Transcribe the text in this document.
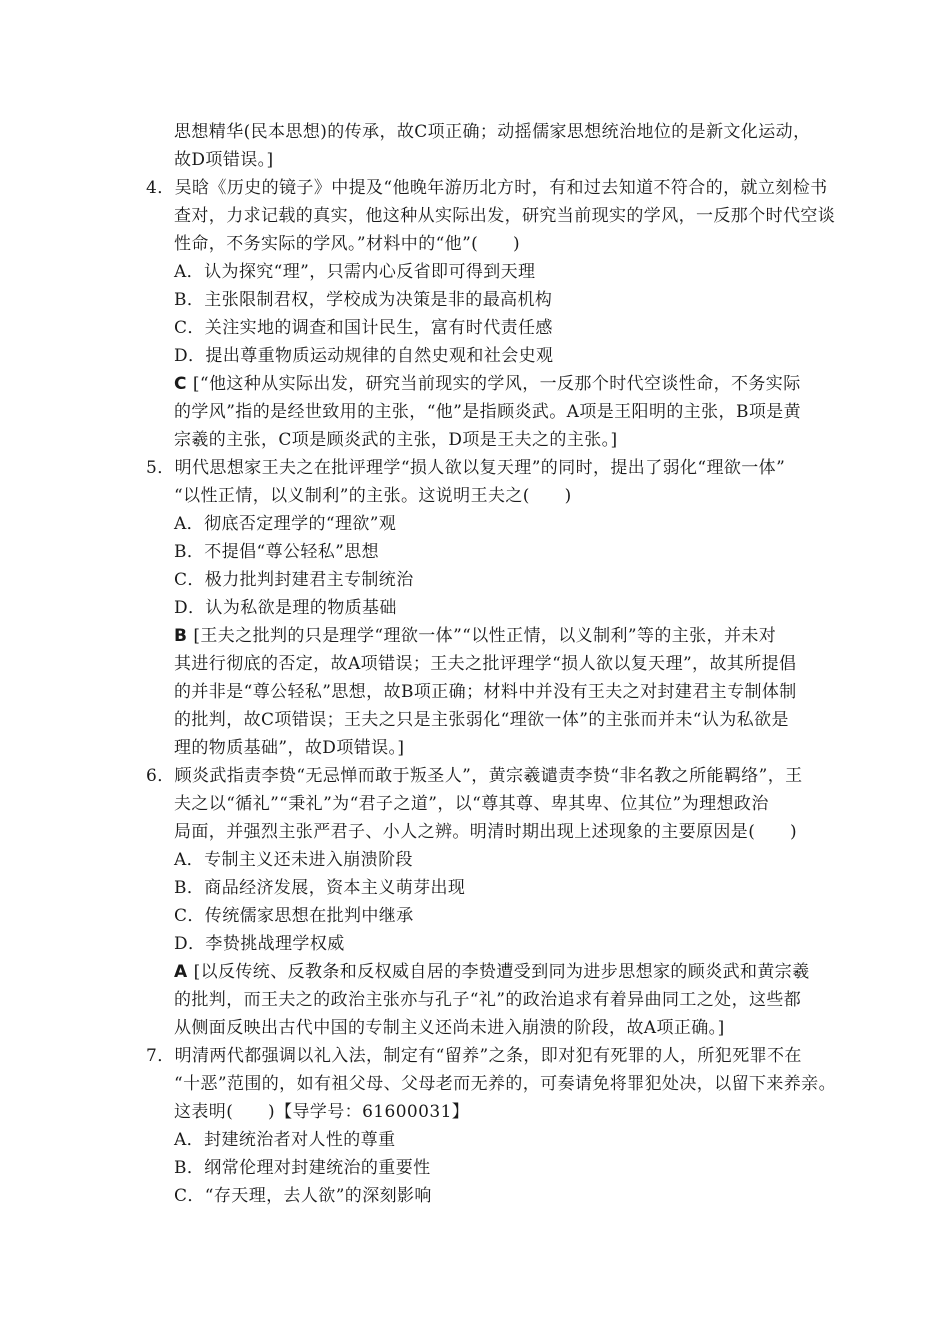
思想精华(民本思想)的传承，故C项正确；动摇儒家思想统治地位的是新文化运动，
故D项错误。]
4．吴晗《历史的镜子》中提及“他晚年游历北方时，有和过去知道不符合的，就立刻检书
查对，力求记载的真实，他这种从实际出发，研究当前现实的学风，一反那个时代空谈
性命，不务实际的学风。”材料中的“他”(　　)
A．认为探究“理”，只需内心反省即可得到天理
B．主张限制君权，学校成为决策是非的最高机构
C．关注实地的调查和国计民生，富有时代责任感
D．提出尊重物质运动规律的自然史观和社会史观
C [“他这种从实际出发，研究当前现实的学风，一反那个时代空谈性命，不务实际
的学风”指的是经世致用的主张，“他”是指顾炎武。A项是王阳明的主张，B项是黄
宗羲的主张，C项是顾炎武的主张，D项是王夫之的主张。]
5．明代思想家王夫之在批评理学“损人欲以复天理”的同时，提出了弱化“理欲一体”
“以性正情，以义制利”的主张。这说明王夫之(　　)
A．彻底否定理学的“理欲”观
B．不提倡“尊公轻私”思想
C．极力批判封建君主专制统治
D．认为私欲是理的物质基础
B [王夫之批判的只是理学“理欲一体”“以性正情，以义制利”等的主张，并未对
其进行彻底的否定，故A项错误；王夫之批评理学“损人欲以复天理”，故其所提倡
的并非是“尊公轻私”思想，故B项正确；材料中并没有王夫之对封建君主专制体制
的批判，故C项错误；王夫之只是主张弱化“理欲一体”的主张而并未“认为私欲是
理的物质基础”，故D项错误。]
6．顾炎武指责李贽“无忌惮而敢于叛圣人”，黄宗羲谴责李贽“非名教之所能羁络”，王
夫之以“循礼”“秉礼”为“君子之道”，以“尊其尊、卑其卑、位其位”为理想政治
局面，并强烈主张严君子、小人之辨。明清时期出现上述现象的主要原因是(　　)
A．专制主义还未进入崩溃阶段
B．商品经济发展，资本主义萌芽出现
C．传统儒家思想在批判中继承
D．李贽挑战理学权威
A [以反传统、反教条和反权威自居的李贽遭受到同为进步思想家的顾炎武和黄宗羲
的批判，而王夫之的政治主张亦与孔子“礼”的政治追求有着异曲同工之处，这些都
从侧面反映出古代中国的专制主义还尚未进入崩溃的阶段，故A项正确。]
7．明清两代都强调以礼入法，制定有“留养”之条，即对犯有死罪的人，所犯死罪不在
“十恶”范围的，如有祖父母、父母老而无养的，可奏请免将罪犯处决，以留下来养亲。
这表明(　　)【导学号：61600031】
A．封建统治者对人性的尊重
B．纲常伦理对封建统治的重要性
C．“存天理，去人欲”的深刻影响
